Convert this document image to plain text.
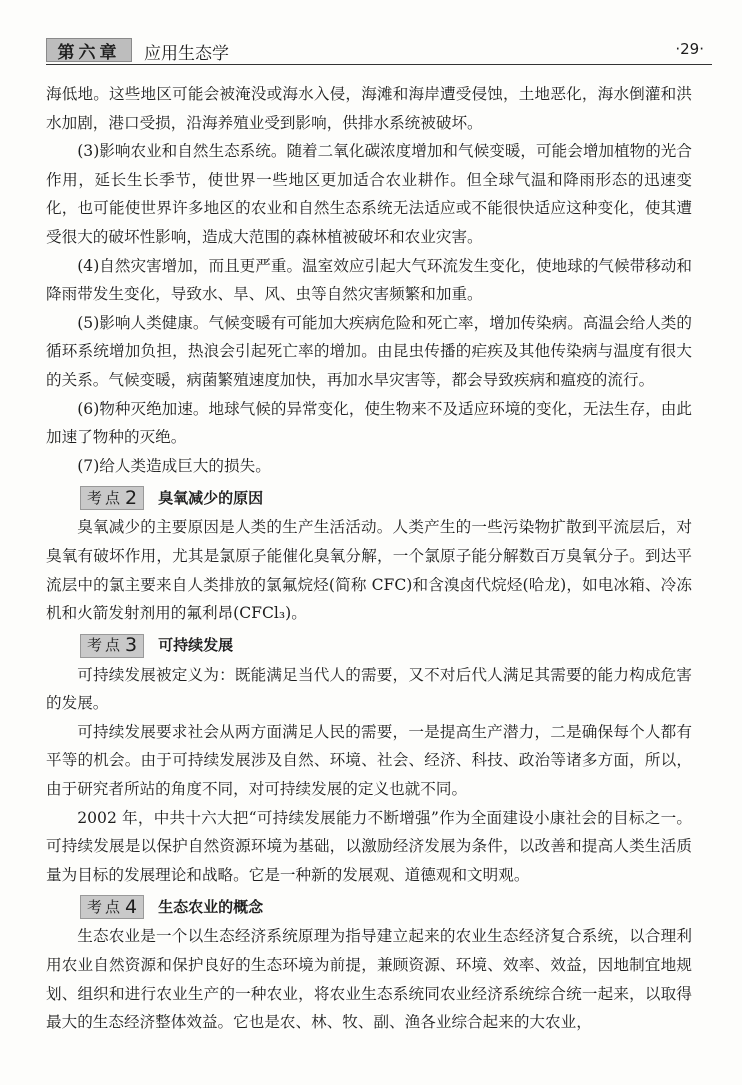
第六章	应用生态学	·29·

海低地。这些地区可能会被淹没或海水入侵，海滩和海岸遭受侵蚀，土地恶化，海水倒灌和洪水加剧，港口受损，沿海养殖业受到影响，供排水系统被破坏。

(3)影响农业和自然生态系统。随着二氧化碳浓度增加和气候变暖，可能会增加植物的光合作用，延长生长季节，使世界一些地区更加适合农业耕作。但全球气温和降雨形态的迅速变化，也可能使世界许多地区的农业和自然生态系统无法适应或不能很快适应这种变化，使其遭受很大的破坏性影响，造成大范围的森林植被破坏和农业灾害。

(4)自然灾害增加，而且更严重。温室效应引起大气环流发生变化，使地球的气候带移动和降雨带发生变化，导致水、旱、风、虫等自然灾害频繁和加重。

(5)影响人类健康。气候变暖有可能加大疾病危险和死亡率，增加传染病。高温会给人类的循环系统增加负担，热浪会引起死亡率的增加。由昆虫传播的疟疾及其他传染病与温度有很大的关系。气候变暖，病菌繁殖速度加快，再加水旱灾害等，都会导致疾病和瘟疫的流行。

(6)物种灭绝加速。地球气候的异常变化，使生物来不及适应环境的变化，无法生存，由此加速了物种的灭绝。

(7)给人类造成巨大的损失。

考点 2 臭氧减少的原因

臭氧减少的主要原因是人类的生产生活活动。人类产生的一些污染物扩散到平流层后，对臭氧有破坏作用，尤其是氯原子能催化臭氧分解，一个氯原子能分解数百万臭氧分子。到达平流层中的氯主要来自人类排放的氯氟烷烃(简称 CFC)和含溴卤代烷烃(哈龙)，如电冰箱、冷冻机和火箭发射剂用的氟利昂(CFCl₃)。

考点 3 可持续发展

可持续发展被定义为：既能满足当代人的需要，又不对后代人满足其需要的能力构成危害的发展。

可持续发展要求社会从两方面满足人民的需要，一是提高生产潜力，二是确保每个人都有平等的机会。由于可持续发展涉及自然、环境、社会、经济、科技、政治等诸多方面，所以，由于研究者所站的角度不同，对可持续发展的定义也就不同。

2002 年，中共十六大把“可持续发展能力不断增强”作为全面建设小康社会的目标之一。可持续发展是以保护自然资源环境为基础，以激励经济发展为条件，以改善和提高人类生活质量为目标的发展理论和战略。它是一种新的发展观、道德观和文明观。

考点 4 生态农业的概念

生态农业是一个以生态经济系统原理为指导建立起来的农业生态经济复合系统，以合理利用农业自然资源和保护良好的生态环境为前提，兼顾资源、环境、效率、效益，因地制宜地规划、组织和进行农业生产的一种农业，将农业生态系统同农业经济系统综合统一起来，以取得最大的生态经济整体效益。它也是农、林、牧、副、渔各业综合起来的大农业，
